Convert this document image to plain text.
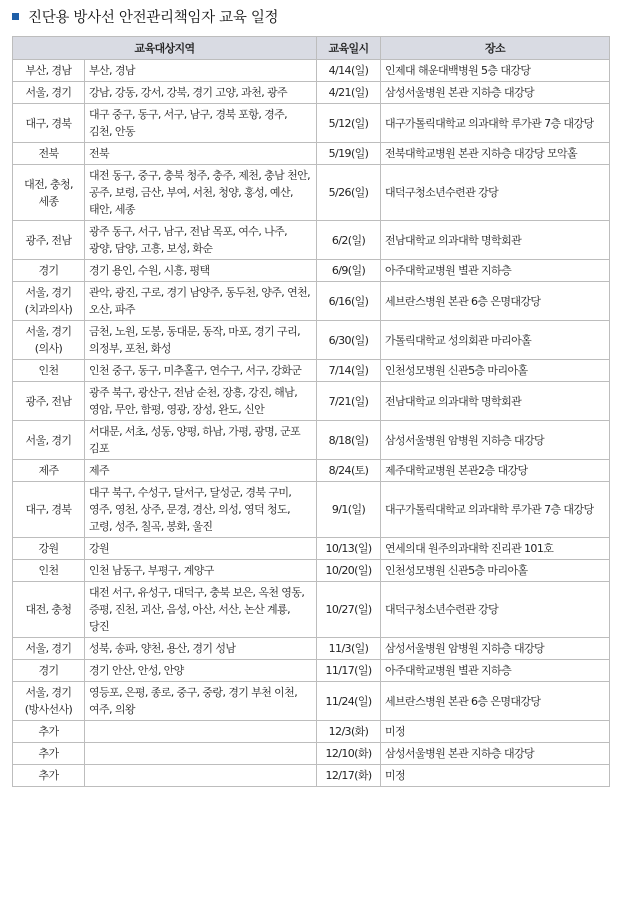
진단용 방사선 안전관리책임자 교육 일정
교육대상지역		교육일시	장소
부산, 경남	부산, 경남	4/14(일)	인제대 해운대백병원 5층 대강당
서울, 경기	강남, 강동, 강서, 강북, 경기 고양, 과천, 광주	4/21(일)	삼성서울병원 본관 지하층 대강당
대구, 경북	대구 중구, 동구, 서구, 남구, 경북 포항, 경주, 김천, 안동	5/12(일)	대구가톨릭대학교 의과대학 루가관 7층 대강당
전북	전북	5/19(일)	전북대학교병원 본관 지하층 대강당 모악홀
대전, 충청, 세종	대전 동구, 중구, 충북 청주, 충주, 제천, 충남 천안, 공주, 보령, 금산, 부여, 서천, 청양, 홍성, 예산, 태안, 세종	5/26(일)	대덕구청소년수련관 강당
광주, 전남	광주 동구, 서구, 남구, 전남 목포, 여수, 나주, 광양, 담양, 고흥, 보성, 화순	6/2(일)	전남대학교 의과대학 명학회관
경기	경기 용인, 수원, 시흥, 평택	6/9(일)	아주대학교병원 별관 지하층
서울, 경기 (치과의사)	관악, 광진, 구로, 경기 남양주, 동두천, 양주, 연천, 오산, 파주	6/16(일)	세브란스병원 본관 6층 은명대강당
서울, 경기 (의사)	금천, 노원, 도봉, 동대문, 동작, 마포, 경기 구리, 의정부, 포천, 화성	6/30(일)	가톨릭대학교 성의회관 마리아홀
인천	인천 중구, 동구, 미추홀구, 연수구, 서구, 강화군	7/14(일)	인천성모병원 신관5층 마리아홀
광주, 전남	광주 북구, 광산구, 전남 순천, 장흥, 강진, 해남, 영암, 무안, 함평, 영광, 장성, 완도, 신안	7/21(일)	전남대학교 의과대학 명학회관
서울, 경기	서대문, 서초, 성동, 양평, 하남, 가평, 광명, 군포 김포	8/18(일)	삼성서울병원 암병원 지하층 대강당
제주	제주	8/24(토)	제주대학교병원 본관2층 대강당
대구, 경북	대구 북구, 수성구, 달서구, 달성군, 경북 구미, 영주, 영천, 상주, 문경, 경산, 의성, 영덕 청도, 고령, 성주, 칠곡, 봉화, 울진	9/1(일)	대구가톨릭대학교 의과대학 루가관 7층 대강당
강원	강원	10/13(일)	연세의대 원주의과대학 진리관 101호
인천	인천 남동구, 부평구, 계양구	10/20(일)	인천성모병원 신관5층 마리아홀
대전, 충청	대전 서구, 유성구, 대덕구, 충북 보은, 옥천 영동, 증평, 진천, 괴산, 음성, 아산, 서산, 논산 계룡, 당진	10/27(일)	대덕구청소년수련관 강당
서울, 경기	성북, 송파, 양천, 용산, 경기 성남	11/3(일)	삼성서울병원 암병원 지하층 대강당
경기	경기 안산, 안성, 안양	11/17(일)	아주대학교병원 별관 지하층
서울, 경기 (방사선사)	영등포, 은평, 종로, 중구, 중랑, 경기 부천 이천, 여주, 의왕	11/24(일)	세브란스병원 본관 6층 은명대강당
추가		12/3(화)	미정
추가		12/10(화)	삼성서울병원 본관 지하층 대강당
추가		12/17(화)	미정
